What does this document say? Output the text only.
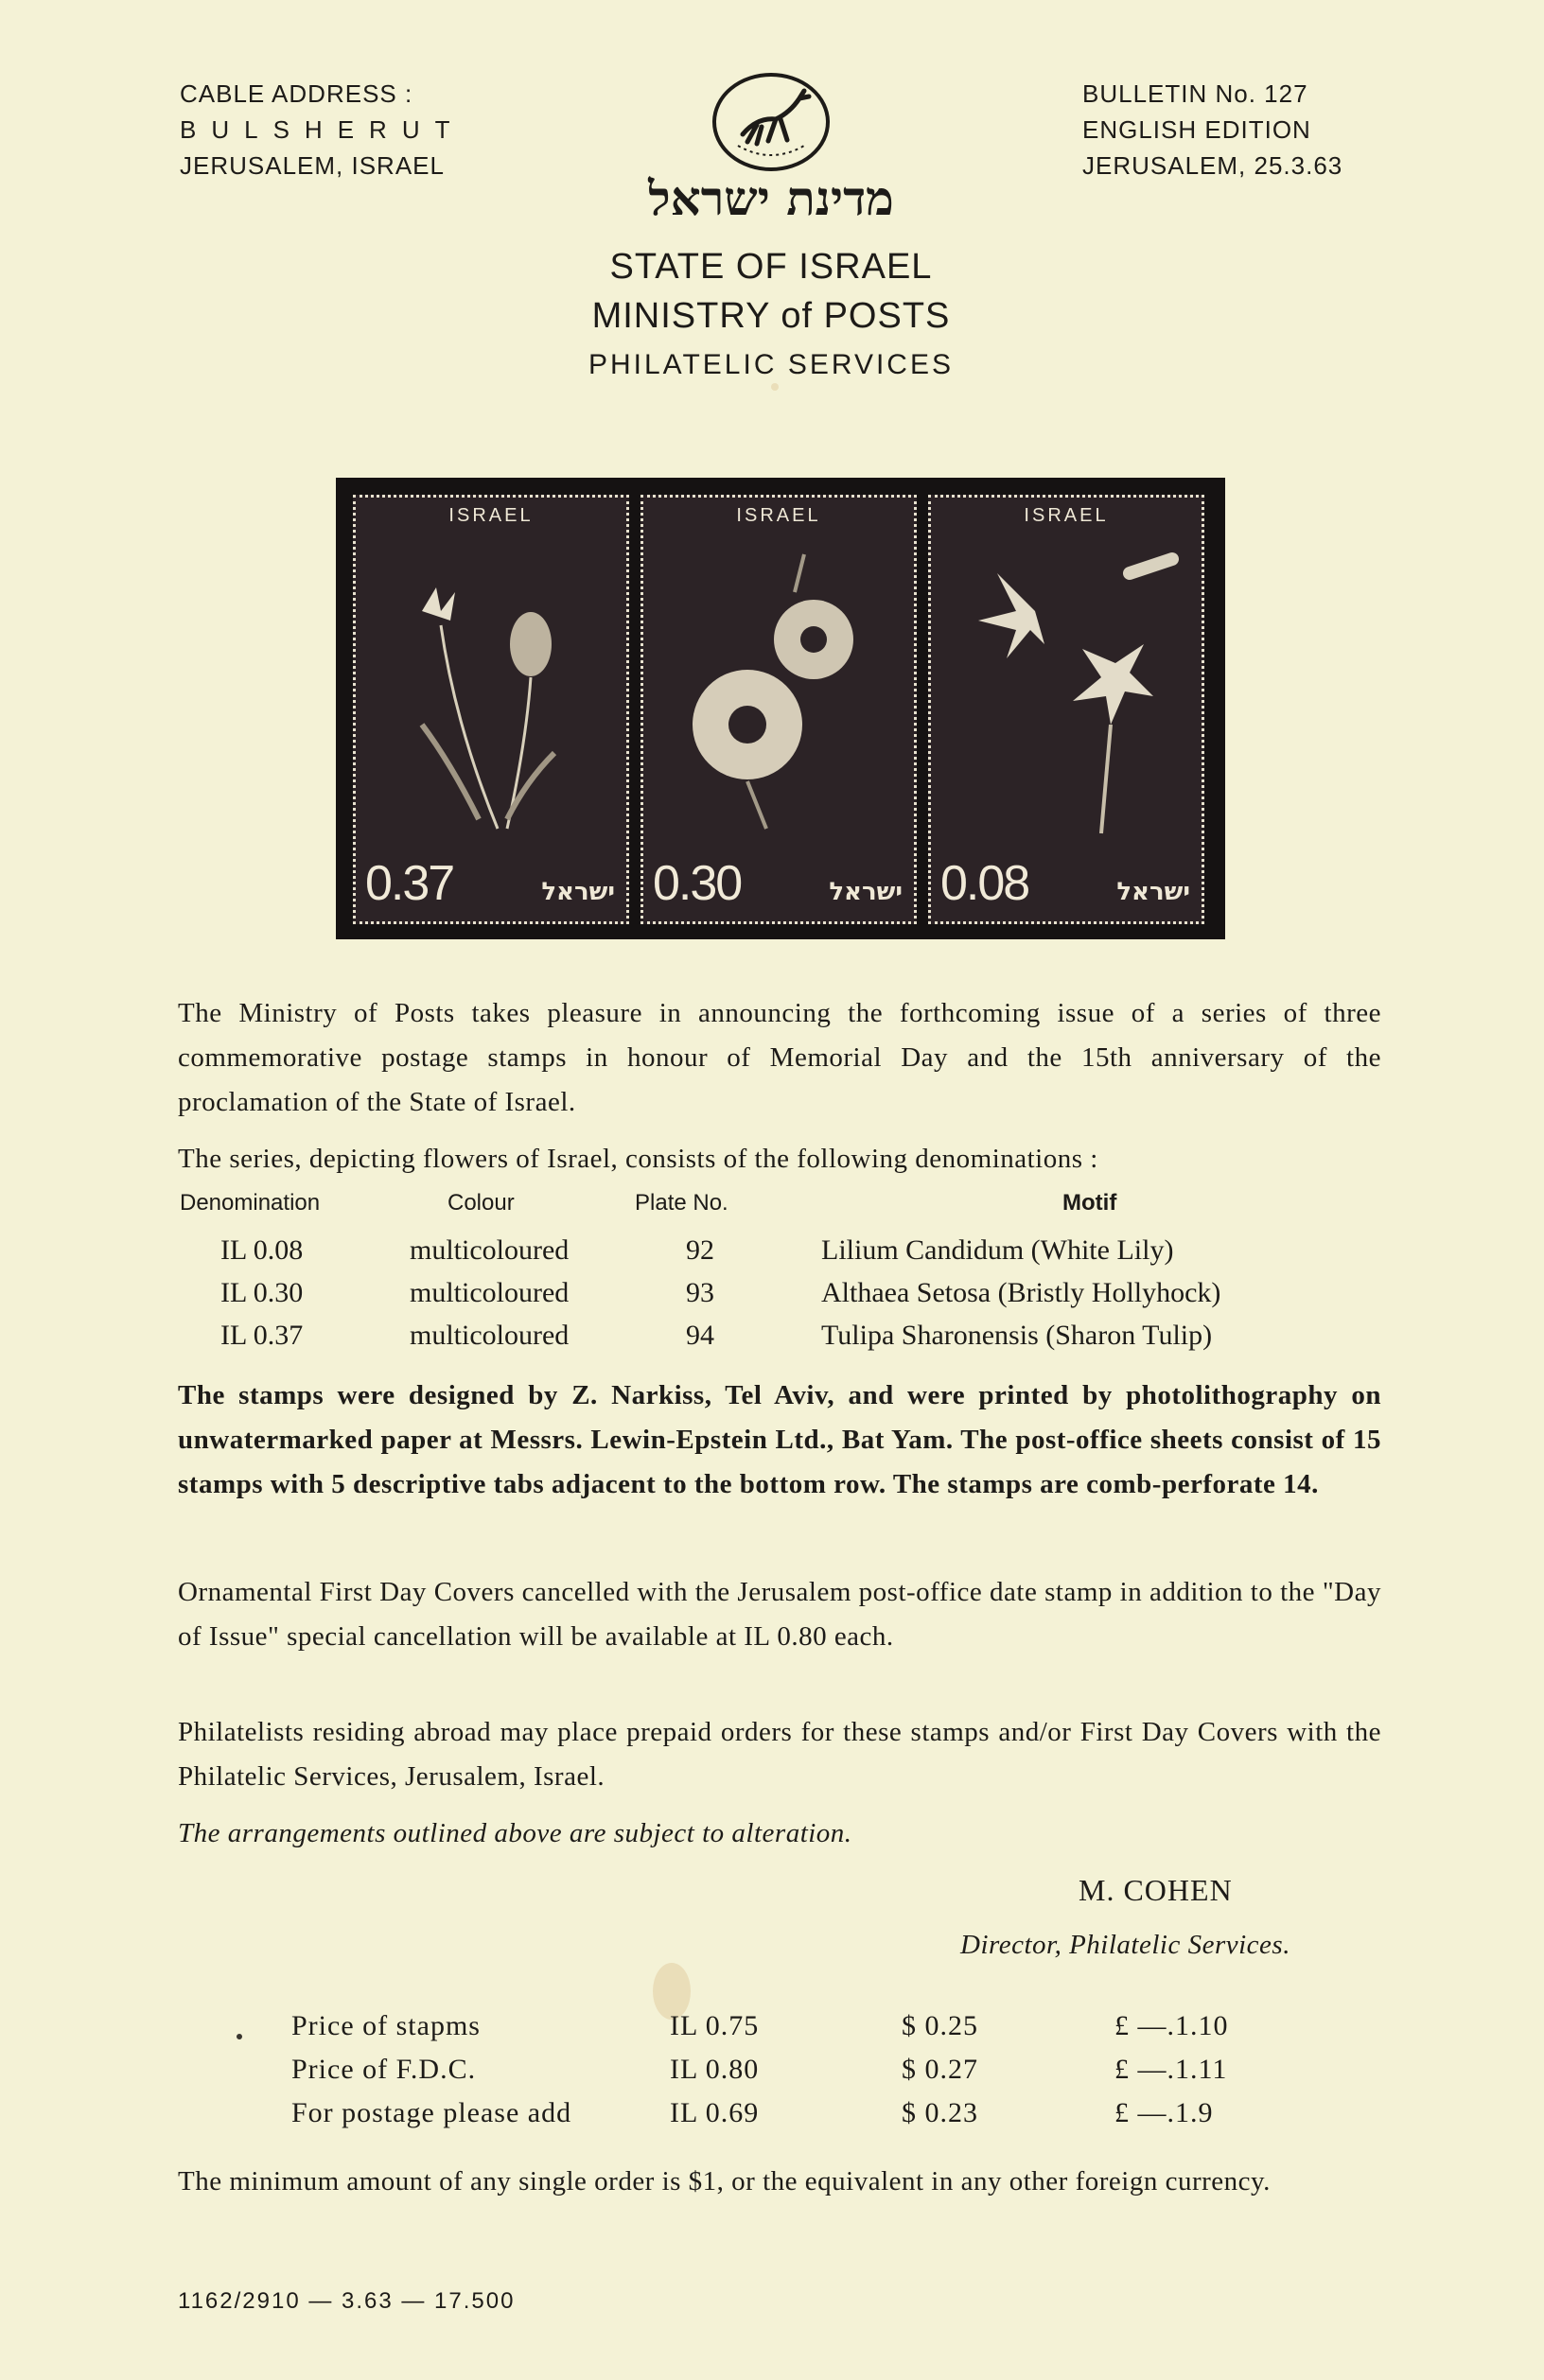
CABLE ADDRESS :
BULSHERUT
JERUSALEM, ISRAEL
BULLETIN No. 127
ENGLISH EDITION
JERUSALEM, 25.3.63
מדינת ישראל
STATE OF ISRAEL
MINISTRY of POSTS
PHILATELIC SERVICES
ISRAEL
0.37	ישראל
ISRAEL
0.30	ישראל
ISRAEL
0.08	ישראל
The Ministry of Posts takes pleasure in announcing the forthcoming issue of a series of three commemorative postage stamps in honour of Memorial Day and the 15th anniversary of the proclamation of the State of Israel.
The series, depicting flowers of Israel, consists of the following denominations :
Denomination	Colour	Plate No.	Motif
IL 0.08	multicoloured	92	Lilium Candidum (White Lily)
IL 0.30	multicoloured	93	Althaea Setosa (Bristly Hollyhock)
IL 0.37	multicoloured	94	Tulipa Sharonensis (Sharon Tulip)
The stamps were designed by Z. Narkiss, Tel Aviv, and were printed by photolithography on unwatermarked paper at Messrs. Lewin-Epstein Ltd., Bat Yam. The post-office sheets consist of 15 stamps with 5 descriptive tabs adjacent to the bottom row. The stamps are comb-perforate 14.
Ornamental First Day Covers cancelled with the Jerusalem post-office date stamp in addition to the "Day of Issue" special cancellation will be available at IL 0.80 each.
Philatelists residing abroad may place prepaid orders for these stamps and/or First Day Covers with the Philatelic Services, Jerusalem, Israel.
The arrangements outlined above are subject to alteration.
M. COHEN
Director, Philatelic Services.
Price of stapms	IL 0.75	$ 0.25	£ —.1.10
Price of F.D.C.	IL 0.80	$ 0.27	£ —.1.11
For postage please add	IL 0.69	$ 0.23	£ —.1.9
The minimum amount of any single order is $1, or the equivalent in any other foreign currency.
1162/2910 — 3.63 — 17.500
